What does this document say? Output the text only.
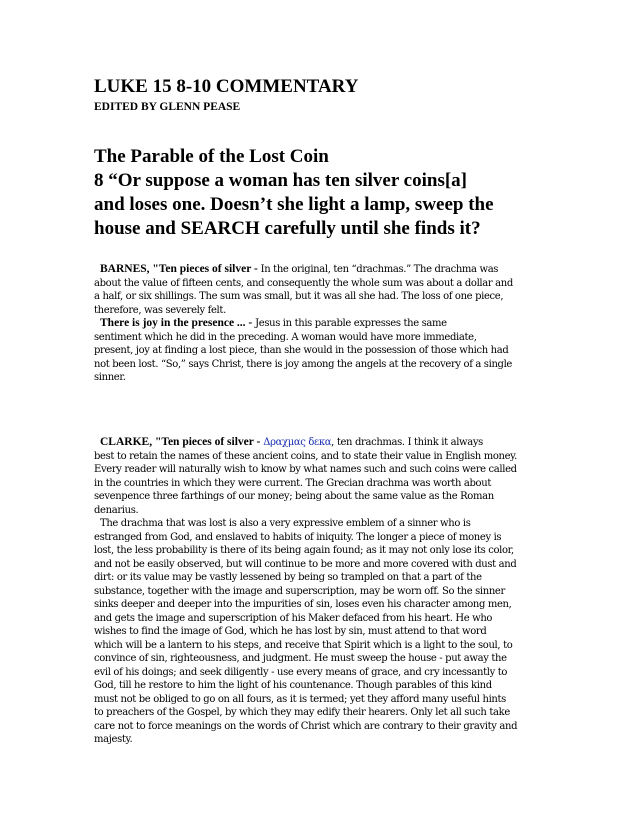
LUKE 15 8-10 COMMENTARY
EDITED BY GLENN PEASE
The Parable of the Lost Coin
8 “Or suppose a woman has ten silver coins[a]
and loses one. Doesn’t she light a lamp, sweep the
house and SEARCH carefully until she finds it?
BARNES, "Ten pieces of silver - In the original, ten “drachmas.” The drachma was
about the value of fifteen cents, and consequently the whole sum was about a dollar and
a half, or six shillings. The sum was small, but it was all she had. The loss of one piece,
therefore, was severely felt.
There is joy in the presence ... - Jesus in this parable expresses the same
sentiment which he did in the preceding. A woman would have more immediate,
present, joy at finding a lost piece, than she would in the possession of those which had
not been lost. “So,” says Christ, there is joy among the angels at the recovery of a single
sinner.
CLARKE, "Ten pieces of silver - Δραχμας δεκα, ten drachmas. I think it always
best to retain the names of these ancient coins, and to state their value in English money.
Every reader will naturally wish to know by what names such and such coins were called
in the countries in which they were current. The Grecian drachma was worth about
sevenpence three farthings of our money; being about the same value as the Roman
denarius.
The drachma that was lost is also a very expressive emblem of a sinner who is
estranged from God, and enslaved to habits of iniquity. The longer a piece of money is
lost, the less probability is there of its being again found; as it may not only lose its color,
and not be easily observed, but will continue to be more and more covered with dust and
dirt: or its value may be vastly lessened by being so trampled on that a part of the
substance, together with the image and superscription, may be worn off. So the sinner
sinks deeper and deeper into the impurities of sin, loses even his character among men,
and gets the image and superscription of his Maker defaced from his heart. He who
wishes to find the image of God, which he has lost by sin, must attend to that word
which will be a lantern to his steps, and receive that Spirit which is a light to the soul, to
convince of sin, righteousness, and judgment. He must sweep the house - put away the
evil of his doings; and seek diligently - use every means of grace, and cry incessantly to
God, till he restore to him the light of his countenance. Though parables of this kind
must not be obliged to go on all fours, as it is termed; yet they afford many useful hints
to preachers of the Gospel, by which they may edify their hearers. Only let all such take
care not to force meanings on the words of Christ which are contrary to their gravity and
majesty.
